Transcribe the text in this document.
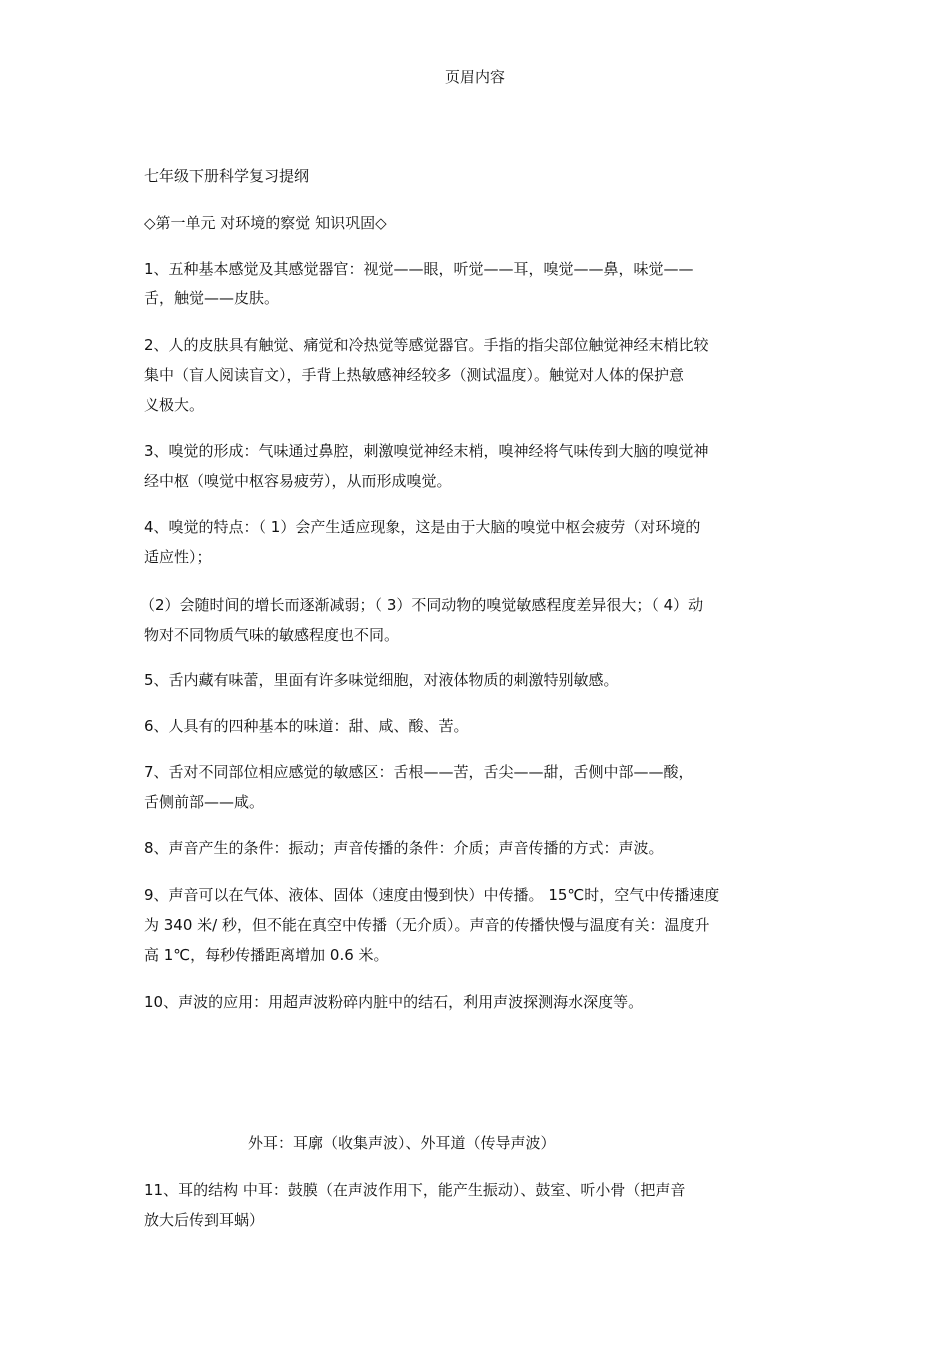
页眉内容
七年级下册科学复习提纲
◇第一单元 对环境的察觉 知识巩固◇
1、五种基本感觉及其感觉器官：视觉——眼，听觉——耳，嗅觉——鼻，味觉——
舌，触觉——皮肤。
2、人的皮肤具有触觉、痛觉和冷热觉等感觉器官。手指的指尖部位触觉神经末梢比较
集中（盲人阅读盲文），手背上热敏感神经较多（测试温度）。触觉对人体的保护意
义极大。
3、嗅觉的形成：气味通过鼻腔，刺激嗅觉神经末梢，嗅神经将气味传到大脑的嗅觉神
经中枢（嗅觉中枢容易疲劳），从而形成嗅觉。
4、嗅觉的特点：（ 1）会产生适应现象，这是由于大脑的嗅觉中枢会疲劳（对环境的
适应性）；
（2）会随时间的增长而逐渐减弱；（ 3）不同动物的嗅觉敏感程度差异很大；（ 4）动
物对不同物质气味的敏感程度也不同。
5、舌内藏有味蕾，里面有许多味觉细胞，对液体物质的刺激特别敏感。
6、人具有的四种基本的味道：甜、咸、酸、苦。
7、舌对不同部位相应感觉的敏感区：舌根——苦，舌尖——甜，舌侧中部——酸，
舌侧前部——咸。
8、声音产生的条件：振动；声音传播的条件：介质；声音传播的方式：声波。
9、声音可以在气体、液体、固体（速度由慢到快）中传播。 15℃时，空气中传播速度
为 340 米/ 秒，但不能在真空中传播（无介质）。声音的传播快慢与温度有关：温度升
高 1℃，每秒传播距离增加 0.6 米。
10、声波的应用：用超声波粉碎内脏中的结石，利用声波探测海水深度等。
外耳：耳廓（收集声波）、外耳道（传导声波）
11、耳的结构 中耳：鼓膜（在声波作用下，能产生振动）、鼓室、听小骨（把声音
放大后传到耳蜗）
